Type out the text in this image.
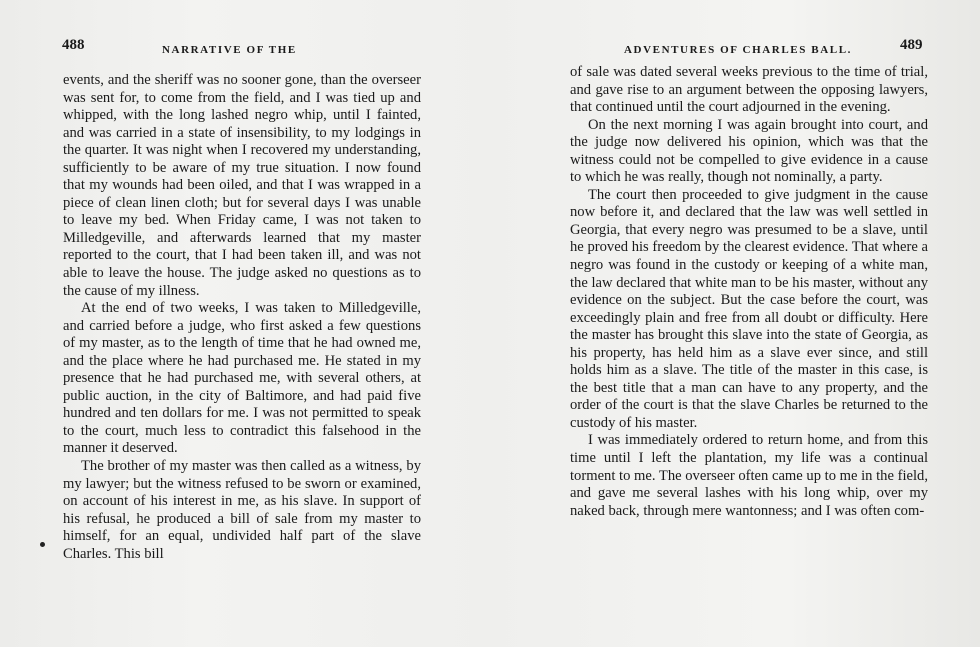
488	NARRATIVE OF THE

events, and the sheriff was no sooner gone, than the overseer was sent for, to come from the field, and I was tied up and whipped, with the long lashed negro whip, until I fainted, and was carried in a state of insensibility, to my lodgings in the quarter. It was night when I recovered my understanding, sufficiently to be aware of my true situation. I now found that my wounds had been oiled, and that I was wrapped in a piece of clean linen cloth; but for several days I was unable to leave my bed. When Friday came, I was not taken to Milledgeville, and afterwards learned that my master reported to the court, that I had been taken ill, and was not able to leave the house. The judge asked no questions as to the cause of my illness.

At the end of two weeks, I was taken to Milledgeville, and carried before a judge, who first asked a few questions of my master, as to the length of time that he had owned me, and the place where he had purchased me. He stated in my presence that he had purchased me, with several others, at public auction, in the city of Baltimore, and had paid five hundred and ten dollars for me. I was not permitted to speak to the court, much less to contradict this falsehood in the manner it deserved.

The brother of my master was then called as a witness, by my lawyer; but the witness refused to be sworn or examined, on account of his interest in me, as his slave. In support of his refusal, he produced a bill of sale from my master to himself, for an equal, undivided half part of the slave Charles. This bill

ADVENTURES OF CHARLES BALL.	489

of sale was dated several weeks previous to the time of trial, and gave rise to an argument between the opposing lawyers, that continued until the court adjourned in the evening.

On the next morning I was again brought into court, and the judge now delivered his opinion, which was that the witness could not be compelled to give evidence in a cause to which he was really, though not nominally, a party.

The court then proceeded to give judgment in the cause now before it, and declared that the law was well settled in Georgia, that every negro was presumed to be a slave, until he proved his freedom by the clearest evidence. That where a negro was found in the custody or keeping of a white man, the law declared that white man to be his master, without any evidence on the subject. But the case before the court, was exceedingly plain and free from all doubt or difficulty. Here the master has brought this slave into the state of Georgia, as his property, has held him as a slave ever since, and still holds him as a slave. The title of the master in this case, is the best title that a man can have to any property, and the order of the court is that the slave Charles be returned to the custody of his master.

I was immediately ordered to return home, and from this time until I left the plantation, my life was a continual torment to me. The overseer often came up to me in the field, and gave me several lashes with his long whip, over my naked back, through mere wantonness; and I was often com-
